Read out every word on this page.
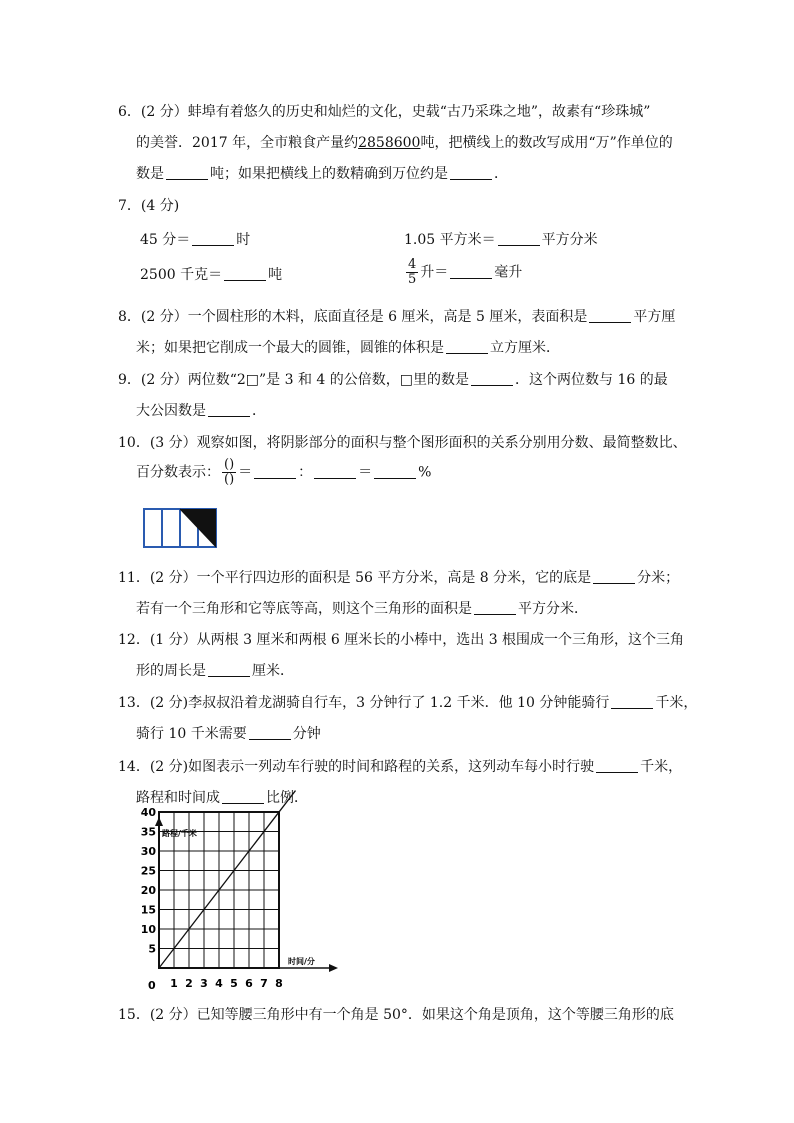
6．(2 分）蚌埠有着悠久的历史和灿烂的文化，史载“古乃采珠之地”，故素有“珍珠城”
的美誉．2017 年，全市粮食产量约2858600吨，把横线上的数改写成用“万”作单位的
数是	吨；如果把横线上的数精确到万位约是	．
7．(4 分)
45 分＝	时	1.05 平方米＝	平方分米
2500 千克＝	吨	$\frac{4}{5}$ 升＝	毫升
8．(2 分）一个圆柱形的木料，底面直径是 6 厘米，高是 5 厘米，表面积是	平方厘
米；如果把它削成一个最大的圆锥，圆锥的体积是	立方厘米．
9．(2 分）两位数“2□”是 3 和 4 的公倍数，□里的数是	．这个两位数与 16 的最
大公因数是	．
10．(3 分）观察如图，将阴影部分的面积与整个图形面积的关系分别用分数、最简整数比、
百分数表示： $\frac{()}{()}$ ＝	：	＝	%
11．(2 分）一个平行四边形的面积是 56 平方分米，高是 8 分米，它的底是	分米；
若有一个三角形和它等底等高，则这个三角形的面积是	平方分米．
12．(1 分）从两根 3 厘米和两根 6 厘米长的小棒中，选出 3 根围成一个三角形，这个三角
形的周长是	厘米．
13．(2 分)李叔叔沿着龙湖骑自行车，3 分钟行了 1.2 千米．他 10 分钟能骑行	千米，
骑行 10 千米需要	分钟
14．(2 分)如图表示一列动车行驶的时间和路程的关系，这列动车每小时行驶	千米，
路程和时间成	比例．
1 2 3 4 5 6 7 8
5
10
15
20
25
30
35
40
路程/千米
时间/分
0
15．(2 分）已知等腰三角形中有一个角是 50°．如果这个角是顶角，这个等腰三角形的底
